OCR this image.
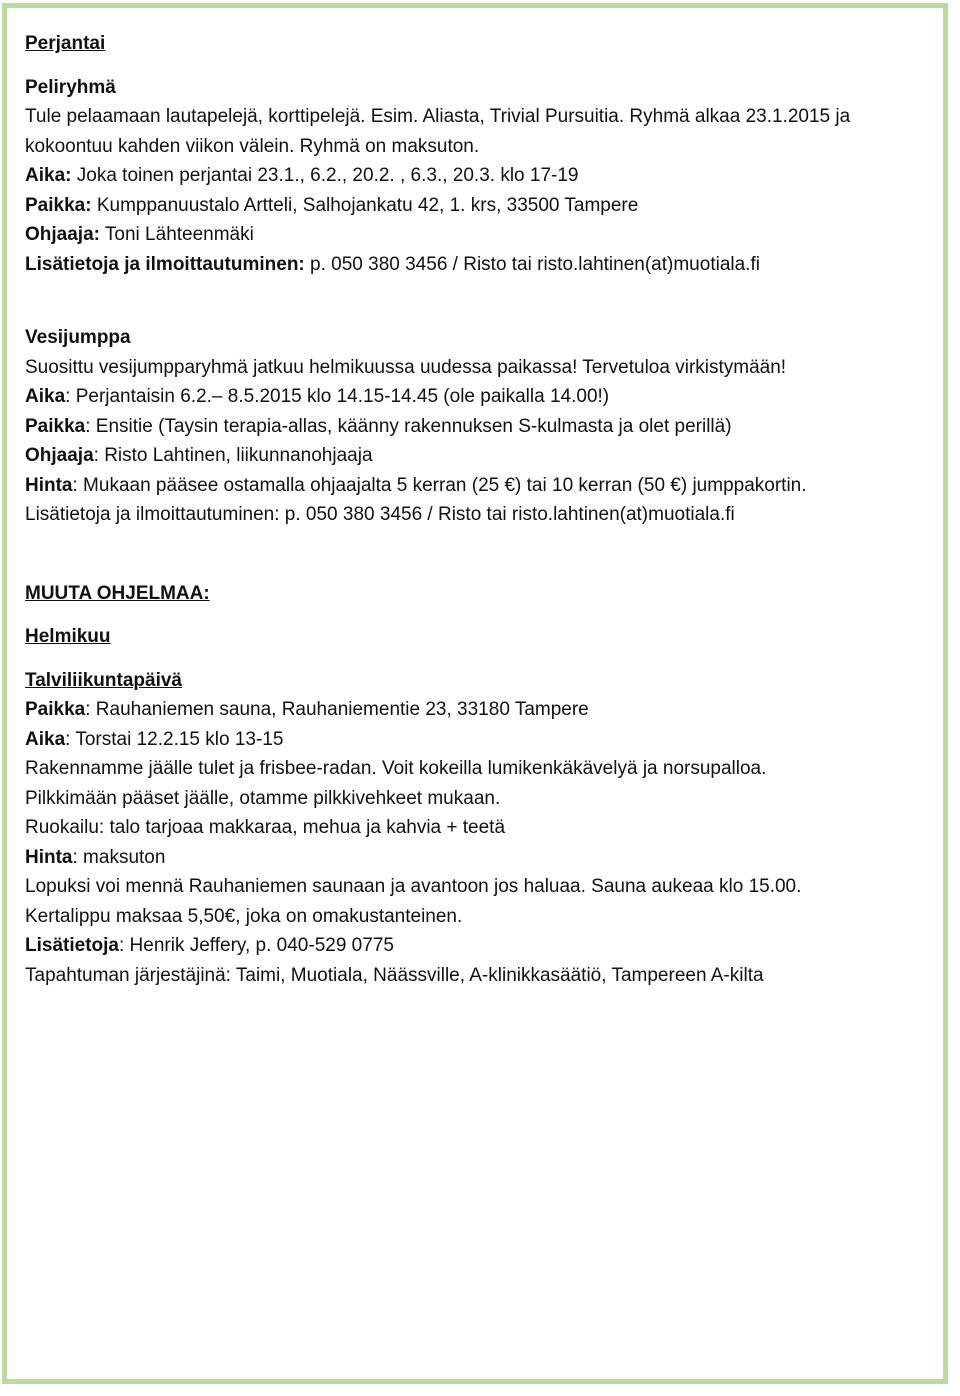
Perjantai

Peliryhmä

Tule pelaamaan lautapelejä, korttipelejä. Esim. Aliasta, Trivial Pursuitia. Ryhmä alkaa 23.1.2015 ja

kokoontuu kahden viikon välein. Ryhmä on maksuton.

Aika: Joka toinen perjantai 23.1., 6.2., 20.2. , 6.3., 20.3. klo 17-19

Paikka: Kumppanuustalo Artteli, Salhojankatu 42, 1. krs, 33500 Tampere

Ohjaaja: Toni Lähteenmäki

Lisätietoja ja ilmoittautuminen: p. 050 380 3456 / Risto tai risto.lahtinen(at)muotiala.fi

Vesijumppa

Suosittu vesijumpparyhmä jatkuu helmikuussa uudessa paikassa! Tervetuloa virkistymään!

Aika: Perjantaisin 6.2.– 8.5.2015 klo 14.15-14.45 (ole paikalla 14.00!)

Paikka: Ensitie (Taysin terapia-allas, käänny rakennuksen S-kulmasta ja olet perillä)

Ohjaaja: Risto Lahtinen, liikunnanohjaaja

Hinta: Mukaan pääsee ostamalla ohjaajalta 5 kerran (25 €) tai 10 kerran (50 €) jumppakortin.

Lisätietoja ja ilmoittautuminen: p. 050 380 3456 / Risto tai risto.lahtinen(at)muotiala.fi

MUUTA OHJELMAA:

Helmikuu

Talviliikuntapäivä

Paikka: Rauhaniemen sauna, Rauhaniementie 23, 33180 Tampere

Aika: Torstai 12.2.15 klo 13-15

Rakennamme jäälle tulet ja frisbee-radan. Voit kokeilla lumikenkäkävelyä ja norsupalloa.

Pilkkimään pääset jäälle, otamme pilkkivehkeet mukaan.

Ruokailu: talo tarjoaa makkaraa, mehua ja kahvia + teetä

Hinta: maksuton

Lopuksi voi mennä Rauhaniemen saunaan ja avantoon jos haluaa. Sauna aukeaa klo 15.00.

Kertalippu maksaa 5,50€, joka on omakustanteinen.

Lisätietoja: Henrik Jeffery, p. 040-529 0775

Tapahtuman järjestäjinä: Taimi, Muotiala, Näässville, A-klinikkasäätiö, Tampereen A-kilta
